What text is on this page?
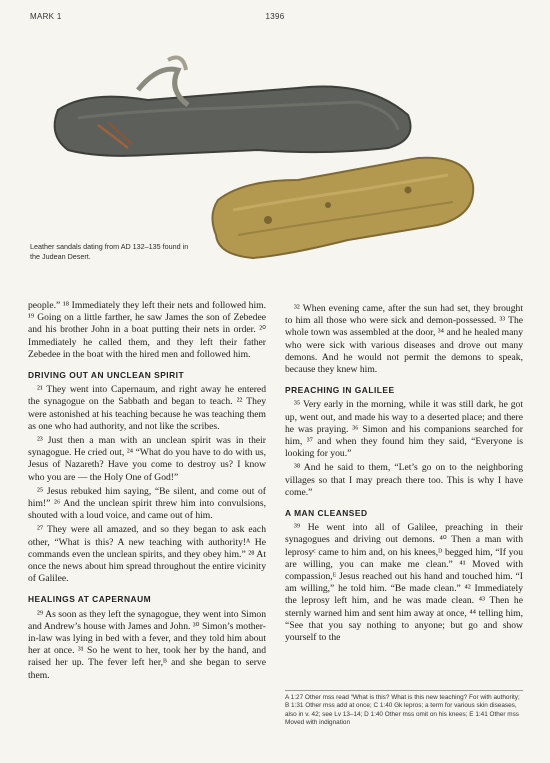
MARK 1	1396
Leather sandals dating from AD 132–135 found in the Judean Desert.

people.” ¹⁸ Immediately they left their nets and followed him. ¹⁹ Going on a little farther, he saw James the son of Zebedee and his brother John in a boat putting their nets in order. ²⁰ Immediately he called them, and they left their father Zebedee in the boat with the hired men and followed him.

DRIVING OUT AN UNCLEAN SPIRIT

²¹ They went into Capernaum, and right away he entered the synagogue on the Sabbath and began to teach. ²² They were astonished at his teaching because he was teaching them as one who had authority, and not like the scribes.

²³ Just then a man with an unclean spirit was in their synagogue. He cried out, ²⁴ “What do you have to do with us, Jesus of Nazareth? Have you come to destroy us? I know who you are — the Holy One of God!”

²⁵ Jesus rebuked him saying, “Be silent, and come out of him!” ²⁶ And the unclean spirit threw him into convulsions, shouted with a loud voice, and came out of him.

²⁷ They were all amazed, and so they began to ask each other, “What is this? A new teaching with authority!ᴬ He commands even the unclean spirits, and they obey him.” ²⁸ At once the news about him spread throughout the entire vicinity of Galilee.

HEALINGS AT CAPERNAUM

²⁹ As soon as they left the synagogue, they went into Simon and Andrew’s house with James and John. ³⁰ Simon’s mother-in-law was lying in bed with a fever, and they told him about her at once. ³¹ So he went to her, took her by the hand, and raised her up. The fever left her,ᴮ and she began to serve them.

³² When evening came, after the sun had set, they brought to him all those who were sick and demon-possessed. ³³ The whole town was assembled at the door, ³⁴ and he healed many who were sick with various diseases and drove out many demons. And he would not permit the demons to speak, because they knew him.

PREACHING IN GALILEE

³⁵ Very early in the morning, while it was still dark, he got up, went out, and made his way to a deserted place; and there he was praying. ³⁶ Simon and his companions searched for him, ³⁷ and when they found him they said, “Everyone is looking for you.”

³⁸ And he said to them, “Let’s go on to the neighboring villages so that I may preach there too. This is why I have come.”

A MAN CLEANSED

³⁹ He went into all of Galilee, preaching in their synagogues and driving out demons. ⁴⁰ Then a man with leprosyᶜ came to him and, on his knees,ᴰ begged him, “If you are willing, you can make me clean.” ⁴¹ Moved with compassion,ᴱ Jesus reached out his hand and touched him. “I am willing,” he told him. “Be made clean.” ⁴² Immediately the leprosy left him, and he was made clean. ⁴³ Then he sternly warned him and sent him away at once, ⁴⁴ telling him, “See that you say nothing to anyone; but go and show yourself to the

A 1:27 Other mss read “What is this? What is this new teaching? For with authority; B 1:31 Other mss add at once; C 1:40 Gk lepros; a term for various skin diseases, also in v. 42; see Lv 13–14; D 1:40 Other mss omit on his knees; E 1:41 Other mss Moved with indignation
